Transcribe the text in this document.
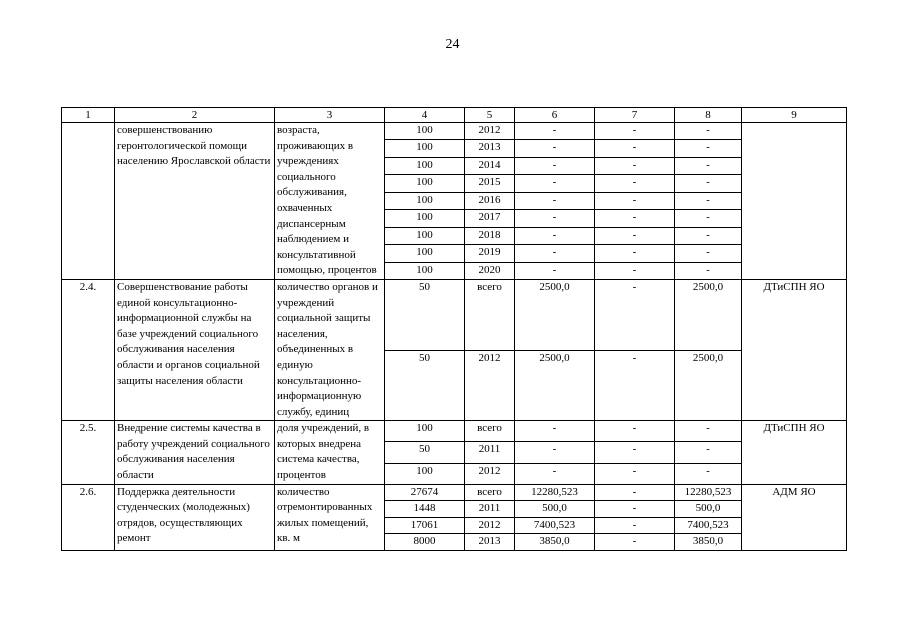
24
1	2	3	4	5	6	7	8	9
	совершенствованию геронтологической помощи населению Ярославской области	возраста, проживающих в учреждениях социального обслуживания, охваченных диспансерным наблюдением и консультативной помощью, процентов	100	2012	-	-	-	
			100	2013	-	-	-	
			100	2014	-	-	-	
			100	2015	-	-	-	
			100	2016	-	-	-	
			100	2017	-	-	-	
			100	2018	-	-	-	
			100	2019	-	-	-	
			100	2020	-	-	-	
2.4.	Совершенствование работы единой консультационно-информационной службы на базе учреждений социального обслуживания населения области и органов социальной защиты населения области	количество органов и учреждений социальной защиты населения, объединенных в единую консультационно-информационную службу, единиц	50	всего	2500,0	-	2500,0	ДТиСПН ЯО
			50	2012	2500,0	-	2500,0	
2.5.	Внедрение системы качества в работу учреждений социального обслуживания населения области	доля учреждений, в которых внедрена система качества, процентов	100	всего	-	-	-	ДТиСПН ЯО
			50	2011	-	-	-	
			100	2012	-	-	-	
2.6.	Поддержка деятельности студенческих (молодежных) отрядов, осуществляющих ремонт	количество отремонтированных жилых помещений, кв. м	27674	всего	12280,523	-	12280,523	АДМ ЯО
			1448	2011	500,0	-	500,0	
			17061	2012	7400,523	-	7400,523	
			8000	2013	3850,0	-	3850,0	
